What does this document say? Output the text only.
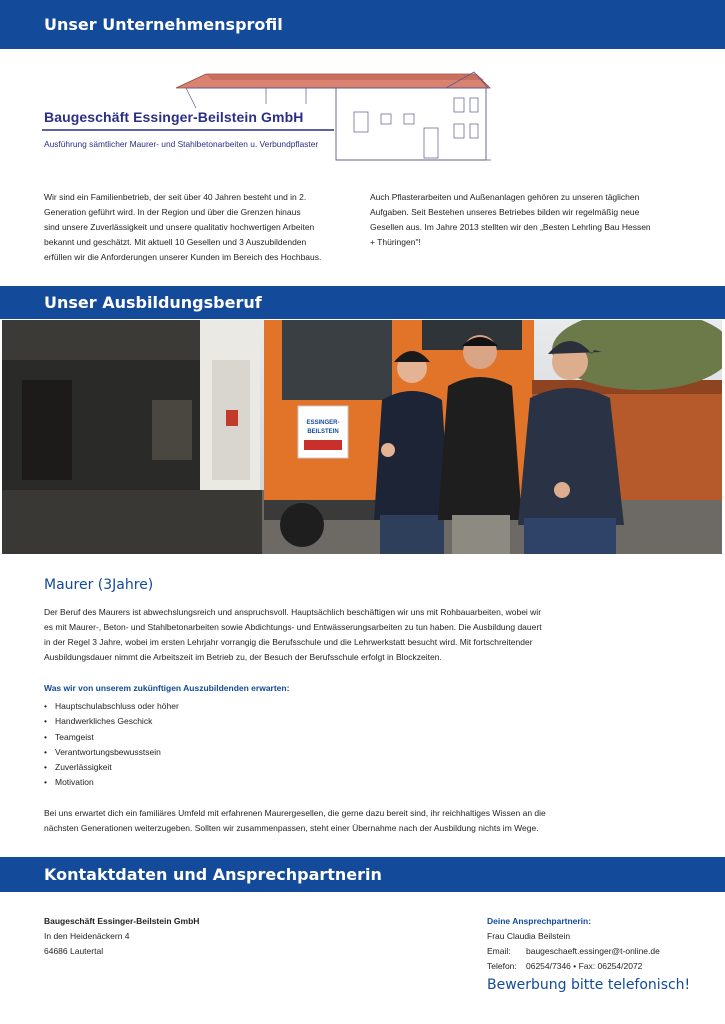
Unser Unternehmensprofil
Baugeschäft Essinger-Beilstein GmbH
Ausführung sämtlicher Maurer- und Stahlbetonarbeiten u. Verbundpflaster
Wir sind ein Familienbetrieb, der seit über 40 Jahren besteht und in 2.
Generation geführt wird. In der Region und über die Grenzen hinaus
sind unsere Zuverlässigkeit und unsere qualitativ hochwertigen Arbeiten
bekannt und geschätzt. Mit aktuell 10 Gesellen und 3 Auszubildenden
erfüllen wir die Anforderungen unserer Kunden im Bereich des Hochbaus.
Auch Pflasterarbeiten und Außenanlagen gehören zu unseren täglichen
Aufgaben. Seit Bestehen unseres Betriebes bilden wir regelmäßig neue
Gesellen aus. Im Jahre 2013 stellten wir den „Besten Lehrling Bau Hessen
+ Thüringen"!
Unser Ausbildungsberuf
ESSINGER-
BEILSTEIN
Maurer (3Jahre)
Der Beruf des Maurers ist abwechslungsreich und anspruchsvoll. Hauptsächlich beschäftigen wir uns mit Rohbauarbeiten, wobei wir
es mit Maurer-, Beton- und Stahlbetonarbeiten sowie Abdichtungs- und Entwässerungsarbeiten zu tun haben. Die Ausbildung dauert
in der Regel 3 Jahre, wobei im ersten Lehrjahr vorrangig die Berufsschule und die Lehrwerkstatt besucht wird. Mit fortschreitender
Ausbildungsdauer nimmt die Arbeitszeit im Betrieb zu, der Besuch der Berufsschule erfolgt in Blockzeiten.
Was wir von unserem zukünftigen Auszubildenden erwarten:
• Hauptschulabschluss oder höher
• Handwerkliches Geschick
• Teamgeist
• Verantwortungsbewusstsein
• Zuverlässigkeit
• Motivation
Bei uns erwartet dich ein familiäres Umfeld mit erfahrenen Maurergesellen, die gerne dazu bereit sind, ihr reichhaltiges Wissen an die
nächsten Generationen weiterzugeben. Sollten wir zusammenpassen, steht einer Übernahme nach der Ausbildung nichts im Wege.
Kontaktdaten und Ansprechpartnerin
Baugeschäft Essinger-Beilstein GmbH
In den Heidenäckern 4
64686 Lautertal
Deine Ansprechpartnerin:
Frau Claudia Beilstein
Email:	baugeschaeft.essinger@t-online.de
Telefon:	06254/7346 • Fax: 06254/2072
Bewerbung bitte telefonisch!
